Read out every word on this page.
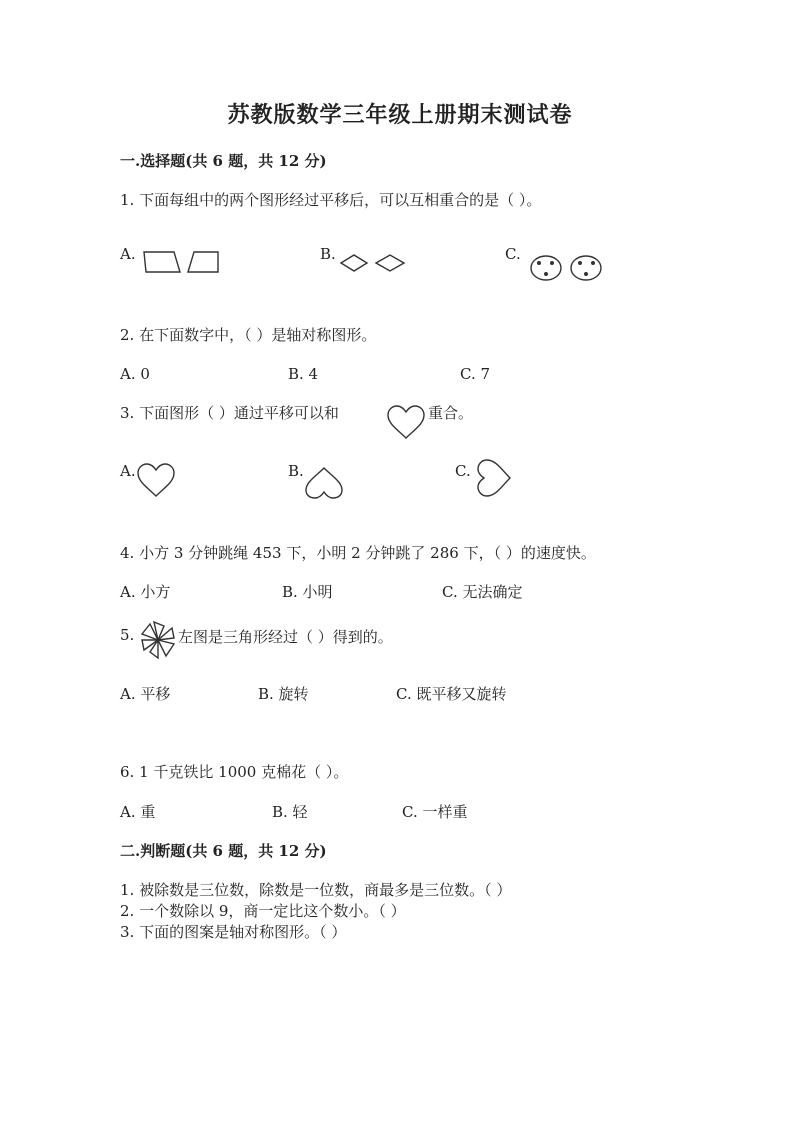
苏教版数学三年级上册期末测试卷
一.选择题(共 6 题，共 12 分)
1. 下面每组中的两个图形经过平移后，可以互相重合的是（ ）。
A.	B.	C.
2. 在下面数字中，（ ）是轴对称图形。
A. 0	B. 4	C. 7
3. 下面图形（ ）通过平移可以和	重合。
A.	B.	C.
4. 小方 3 分钟跳绳 453 下，小明 2 分钟跳了 286 下，（ ）的速度快。
A. 小方	B. 小明	C. 无法确定
5.	左图是三角形经过（ ）得到的。
A. 平移	B. 旋转	C. 既平移又旋转
6. 1 千克铁比 1000 克棉花（ ）。
A. 重	B. 轻	C. 一样重
二.判断题(共 6 题，共 12 分)
1. 被除数是三位数，除数是一位数，商最多是三位数。（ ）
2. 一个数除以 9，商一定比这个数小。（ ）
3. 下面的图案是轴对称图形。（ ）
